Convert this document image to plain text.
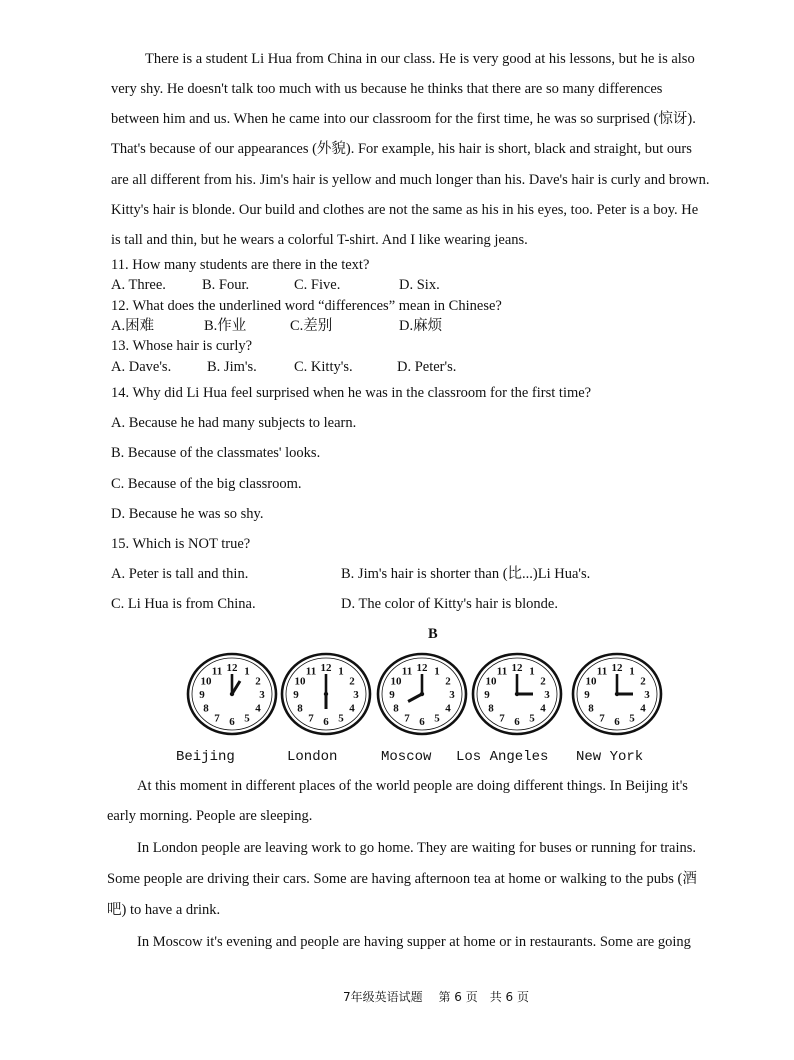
There is a student Li Hua from China in our class. He is very good at his lessons, but he is also
very shy. He doesn't talk too much with us because he thinks that there are so many differences
between him and us. When he came into our classroom for the first time, he was so surprised (惊讶).
That's because of our appearances (外貌). For example, his hair is short, black and straight, but ours
are all different from his. Jim's hair is yellow and much longer than his. Dave's hair is curly and brown.
Kitty's hair is blonde. Our build and clothes are not the same as his in his eyes, too. Peter is a boy. He
is tall and thin, but he wears a colorful T-shirt. And I like wearing jeans.
11. How many students are there in the text?
A. Three. B. Four.	C. Five.	D. Six.
12. What does the underlined word “differences” mean in Chinese?
A.困难	B.作业	C.差别	D.麻烦
13. Whose hair is curly?
A. Dave's. B. Jim's.	C. Kitty's.	D. Peter's.
14. Why did Li Hua feel surprised when he was in the classroom for the first time?
A. Because he had many subjects to learn.
B. Because of the classmates' looks.
C. Because of the big classroom.
D. Because he was so shy.
15. Which is NOT true?
A. Peter is tall and thin.	B. Jim's hair is shorter than (比...)Li Hua's.
C. Li Hua is from China.	D. The color of Kitty's hair is blonde.
B
12 1
2
3
4
5
6
7
8
9
10
11	12 1
2
3
4
5
6
7
8
9
10
11	12 1
2
3
4
5
6
7
8
9
10
11	12 1
2
3
4
5
6
7
8
9
10
11	12 1
2
3
4
5
6
7
8
9
10
11
Beijing	London	Moscow Los Angeles New York
At this moment in different places of the world people are doing different things. In Beijing it's
early morning. People are sleeping.
In London people are leaving work to go home. They are waiting for buses or running for trains.
Some people are driving their cars. Some are having afternoon tea at home or walking to the pubs (酒
吧) to have a drink.
In Moscow it's evening and people are having supper at home or in restaurants. Some are going
7年级英语试题　 第 6 页　共 6 页
